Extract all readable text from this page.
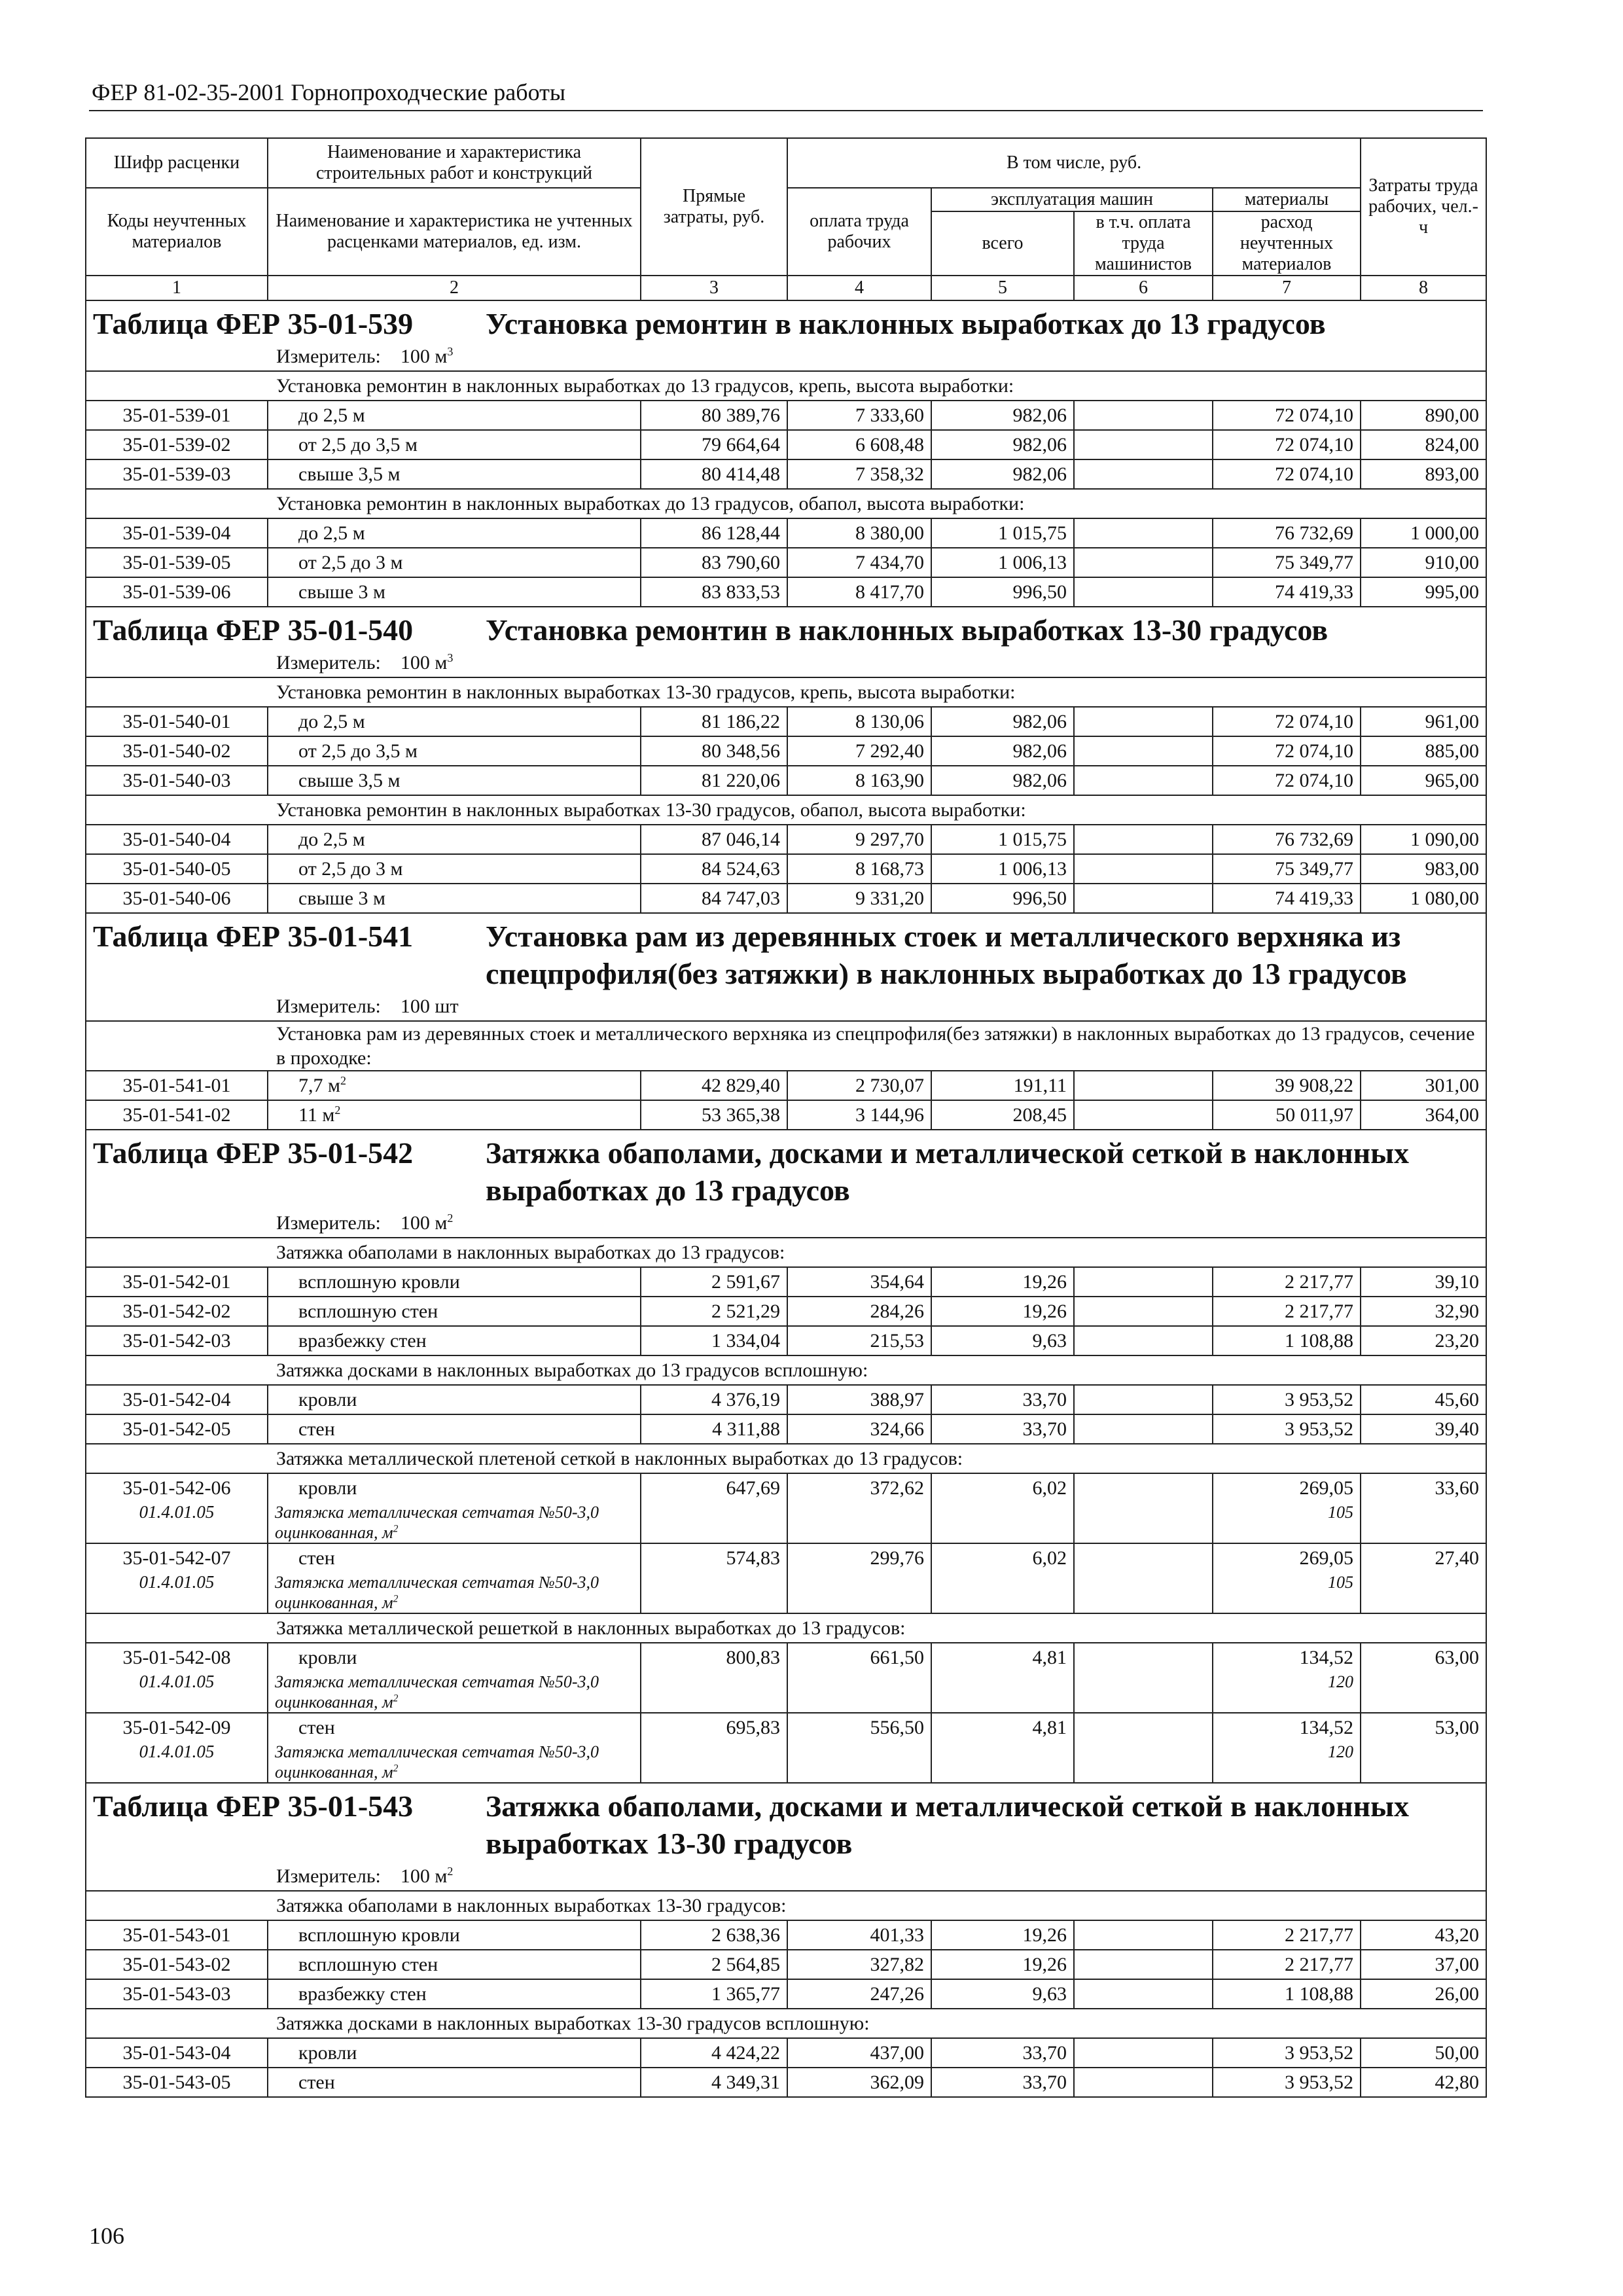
ФЕР 81-02-35-2001 Горнопроходческие работы
Шифр расценки	Наименование и характеристика строительных работ и конструкций	Прямые затраты, руб.	В том числе, руб.				Затраты труда рабочих, чел.-ч
Коды неучтенных материалов	Наименование и характеристика не учтенных расценками материалов, ед. изм.		оплата труда рабочих	эксплуатация машин		материалы	
				всего	в т.ч. оплата труда машинистов	расход неучтенных материалов	
1	2	3	4	5	6	7	8
Таблица ФЕР 35-01-539 Установка ремонтин в наклонных выработках до 13 градусов							
Измеритель: 100 $м^3$
Установка ремонтин в наклонных выработках до 13 градусов, крепь, высота выработки:							
35-01-539-01	до 2,5 м	80 389,76	7 333,60	982,06		72 074,10	890,00
35-01-539-02	от 2,5 до 3,5 м	79 664,64	6 608,48	982,06		72 074,10	824,00
35-01-539-03	свыше 3,5 м	80 414,48	7 358,32	982,06		72 074,10	893,00
Установка ремонтин в наклонных выработках до 13 градусов, обапол, высота выработки:							
35-01-539-04	до 2,5 м	86 128,44	8 380,00	1 015,75		76 732,69	1 000,00
35-01-539-05	от 2,5 до 3 м	83 790,60	7 434,70	1 006,13		75 349,77	910,00
35-01-539-06	свыше 3 м	83 833,53	8 417,70	996,50		74 419,33	995,00
Таблица ФЕР 35-01-540 Установка ремонтин в наклонных выработках 13-30 градусов							
Измеритель: 100 $м^3$
Установка ремонтин в наклонных выработках 13-30 градусов, крепь, высота выработки:							
35-01-540-01	до 2,5 м	81 186,22	8 130,06	982,06		72 074,10	961,00
35-01-540-02	от 2,5 до 3,5 м	80 348,56	7 292,40	982,06		72 074,10	885,00
35-01-540-03	свыше 3,5 м	81 220,06	8 163,90	982,06		72 074,10	965,00
Установка ремонтин в наклонных выработках 13-30 градусов, обапол, высота выработки:							
35-01-540-04	до 2,5 м	87 046,14	9 297,70	1 015,75		76 732,69	1 090,00
35-01-540-05	от 2,5 до 3 м	84 524,63	8 168,73	1 006,13		75 349,77	983,00
35-01-540-06	свыше 3 м	84 747,03	9 331,20	996,50		74 419,33	1 080,00
Таблица ФЕР 35-01-541 Установка рам из деревянных стоек и металлического верхняка из спецпрофиля(без затяжки) в наклонных выработках до 13 градусов							
Измеритель: 100 шт							
Установка рам из деревянных стоек и металлического верхняка из спецпрофиля(без затяжки) в наклонных выработках до 13 градусов, сечение в проходке:							
35-01-541-01	7,7 $м^2$	42 829,40	2 730,07	191,11		39 908,22	301,00
35-01-541-02	11 $м^2$	53 365,38	3 144,96	208,45		50 011,97	364,00
Таблица ФЕР 35-01-542 Затяжка обаполами, досками и металлической сеткой в наклонных выработках до 13 градусов							
Измеритель: 100 $м^2$
Затяжка обаполами в наклонных выработках до 13 градусов:							
35-01-542-01	всплошную кровли	2 591,67	354,64	19,26		2 217,77	39,10
35-01-542-02	всплошную стен	2 521,29	284,26	19,26		2 217,77	32,90
35-01-542-03	вразбежку стен	1 334,04	215,53	9,63		1 108,88	23,20
Затяжка досками в наклонных выработках до 13 градусов всплошную:							
35-01-542-04	кровли	4 376,19	388,97	33,70		3 953,52	45,60
35-01-542-05	стен	4 311,88	324,66	33,70		3 953,52	39,40
Затяжка металлической плетеной сеткой в наклонных выработках до 13 градусов:							
35-01-542-06	кровли	647,69	372,62	6,02		269,05	33,60
01.4.01.05	Затяжка металлическая сетчатая №50-3,0 оцинкованная, $м^2$					105	
35-01-542-07	стен	574,83	299,76	6,02		269,05	27,40
01.4.01.05	Затяжка металлическая сетчатая №50-3,0 оцинкованная, $м^2$					105	
Затяжка металлической решеткой в наклонных выработках до 13 градусов:							
35-01-542-08	кровли	800,83	661,50	4,81		134,52	63,00
01.4.01.05	Затяжка металлическая сетчатая №50-3,0 оцинкованная, $м^2$					120	
35-01-542-09	стен	695,83	556,50	4,81		134,52	53,00
01.4.01.05	Затяжка металлическая сетчатая №50-3,0 оцинкованная, $м^2$					120	
Таблица ФЕР 35-01-543 Затяжка обаполами, досками и металлической сеткой в наклонных выработках 13-30 градусов							
Измеритель: 100 $м^2$
Затяжка обаполами в наклонных выработках 13-30 градусов:							
35-01-543-01	всплошную кровли	2 638,36	401,33	19,26		2 217,77	43,20
35-01-543-02	всплошную стен	2 564,85	327,82	19,26		2 217,77	37,00
35-01-543-03	вразбежку стен	1 365,77	247,26	9,63		1 108,88	26,00
Затяжка досками в наклонных выработках 13-30 градусов всплошную:							
35-01-543-04	кровли	4 424,22	437,00	33,70		3 953,52	50,00
35-01-543-05	стен	4 349,31	362,09	33,70		3 953,52	42,80
106
